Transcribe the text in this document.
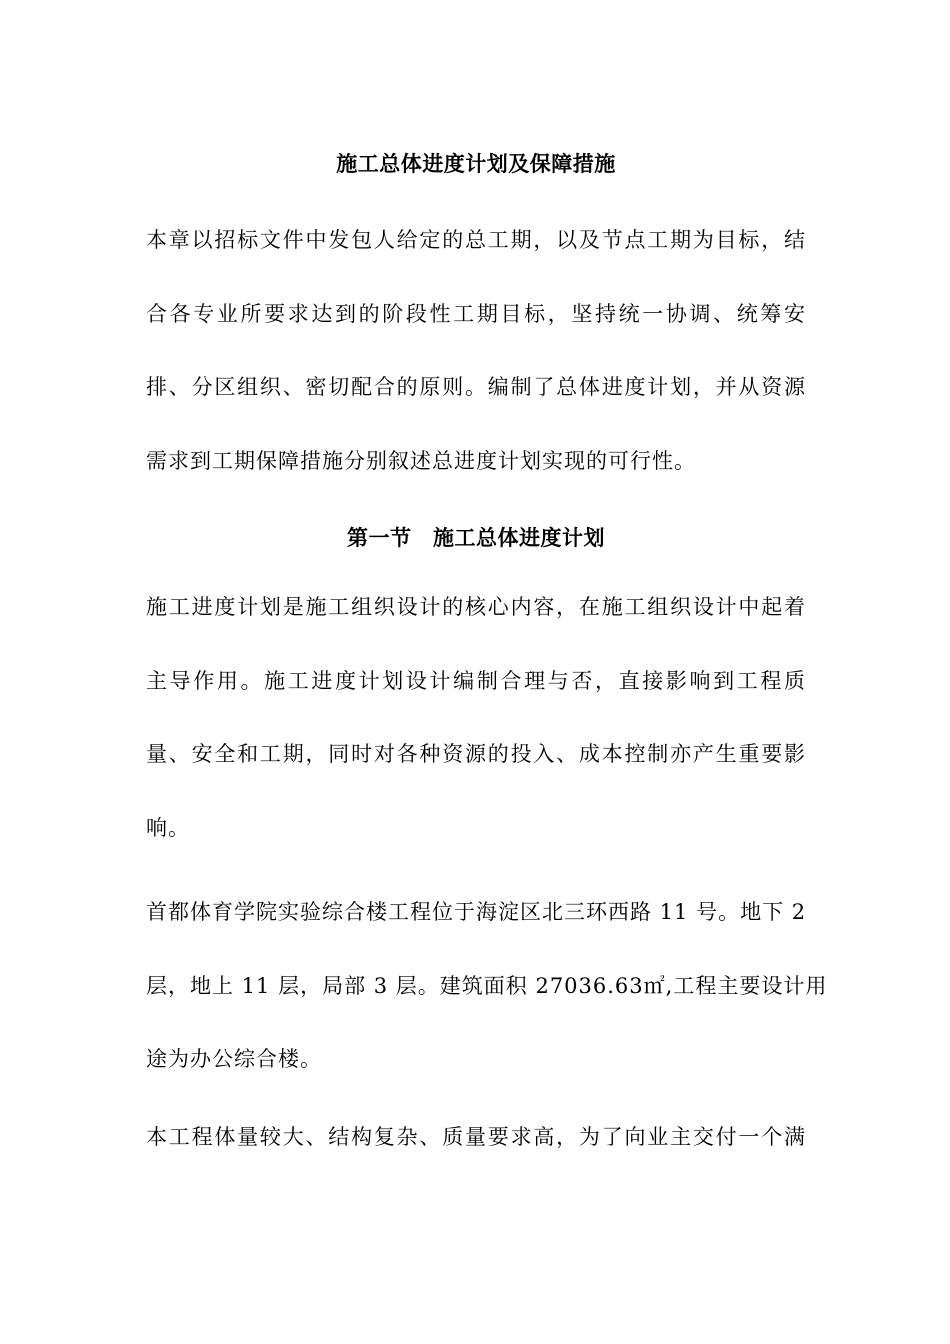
施工总体进度计划及保障措施
本章以招标文件中发包人给定的总工期，以及节点工期为目标，结
合各专业所要求达到的阶段性工期目标，坚持统一协调、统筹安
排、分区组织、密切配合的原则。编制了总体进度计划，并从资源
需求到工期保障措施分别叙述总进度计划实现的可行性。
第一节　施工总体进度计划
施工进度计划是施工组织设计的核心内容，在施工组织设计中起着
主导作用。施工进度计划设计编制合理与否，直接影响到工程质
量、安全和工期，同时对各种资源的投入、成本控制亦产生重要影
响。
首都体育学院实验综合楼工程位于海淀区北三环西路 11 号。地下 2
层，地上 11 层，局部 3 层。建筑面积 27036.63㎡,工程主要设计用
途为办公综合楼。
本工程体量较大、结构复杂、质量要求高，为了向业主交付一个满
